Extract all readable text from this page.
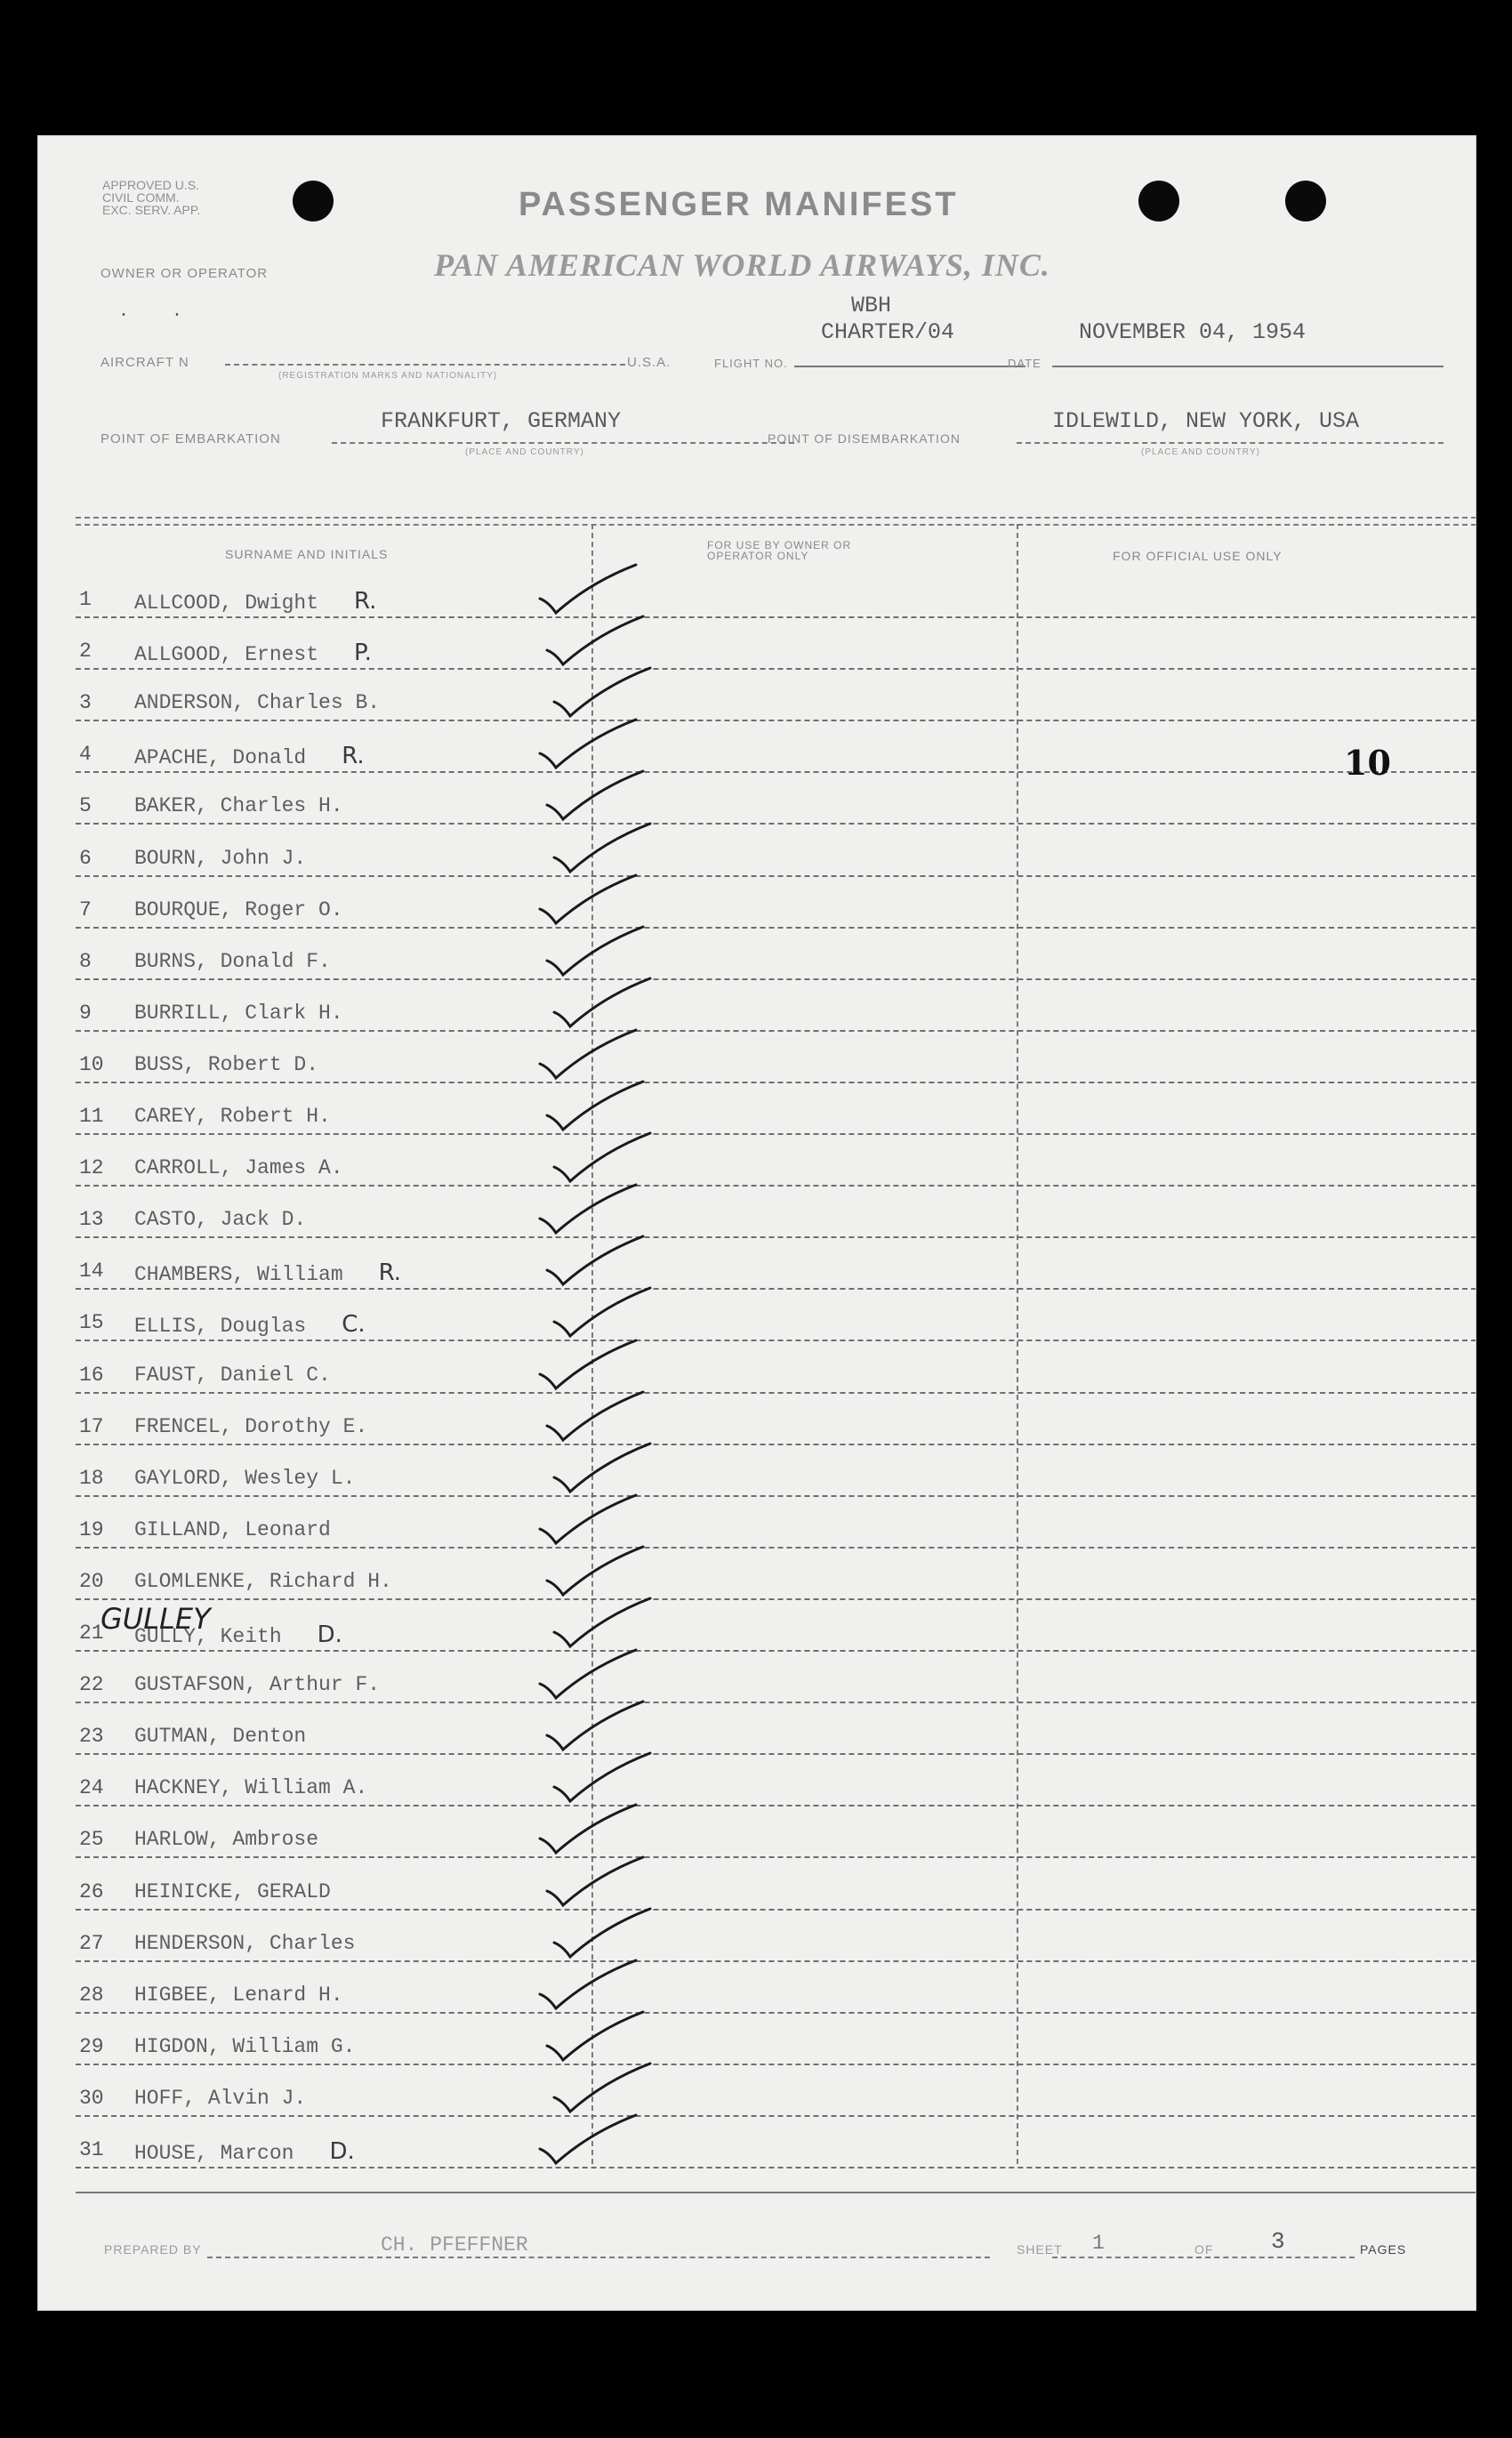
APPROVED U.S. CIVIL COMM. EXC. SERV. APP.	PASSENGER MANIFEST
PAN AMERICAN WORLD AIRWAYS, INC.
OWNER OR OPERATOR
.    .	WBH
CHARTER/04	NOVEMBER 04, 1954
AIRCRAFT N	U.S.A.	FLIGHT NO.	DATE
(REGISTRATION MARKS AND NATIONALITY)
FRANKFURT, GERMANY	IDLEWILD, NEW YORK, USA
POINT OF EMBARKATION	POINT OF DISEMBARKATION
(PLACE AND COUNTRY)	(PLACE AND COUNTRY)
SURNAME AND INITIALS
FOR USE BY OWNER OR OPERATOR ONLY	FOR OFFICIAL USE ONLY
1	ALLCOOD, Dwight R.
2	ALLGOOD, Ernest P.
3	ANDERSON, Charles B.
4	APACHE, Donald R.
5	BAKER, Charles H.
6	BOURN, John J.
7	BOURQUE, Roger O.
8	BURNS, Donald F.
9	BURRILL, Clark H.
10	BUSS, Robert D.
11	CAREY, Robert H.
12	CARROLL, James A.
13	CASTO, Jack D.
14	CHAMBERS, William R.
15	ELLIS, Douglas C.
16	FAUST, Daniel C.
17	FRENCEL, Dorothy E.
18	GAYLORD, Wesley L.
19	GILLAND, Leonard
20	GLOMLENKE, Richard H.
21	GULLY, Keith D.
22	GUSTAFSON, Arthur F.
23	GUTMAN, Denton
24	HACKNEY, William A.
25	HARLOW, Ambrose
26	HEINICKE, GERALD
27	HENDERSON, Charles
28	HIGBEE, Lenard H.
29	HIGDON, William G.
30	HOFF, Alvin J.
31	HOUSE, Marcon D.
GULLEY
10
PREPARED BY	CH. PFEFFNER	SHEET 1	OF 3	PAGES
